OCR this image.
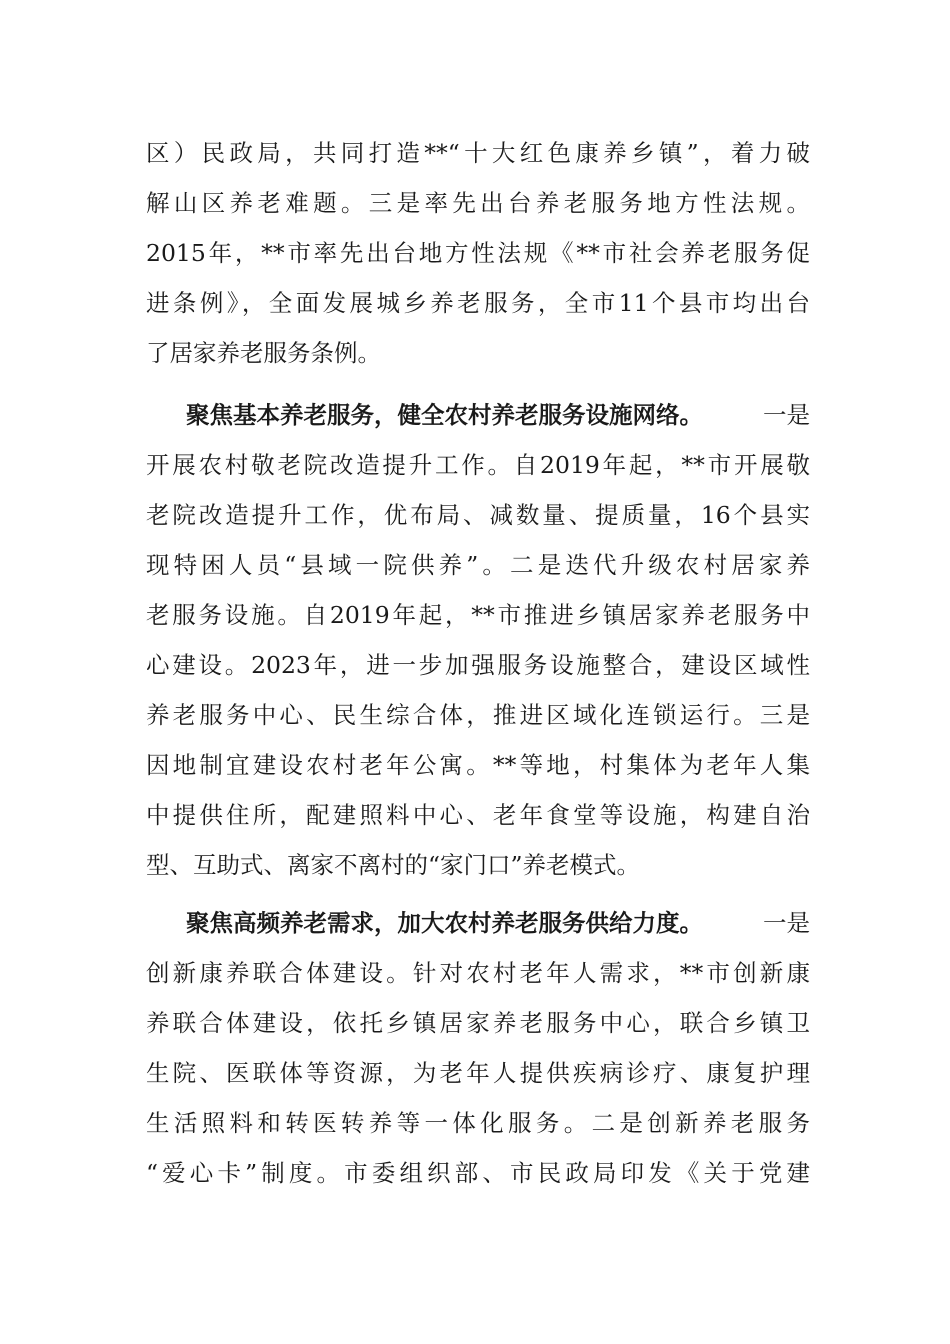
区）民政局，共同打造**“十大红色康养乡镇”，着力破
解山区养老难题。三是率先出台养老服务地方性法规。
2015年，**市率先出台地方性法规《**市社会养老服务促
进条例》，全面发展城乡养老服务，全市11个县市均出台
了居家养老服务条例。
聚焦基本养老服务，健全农村养老服务设施网络。	一是
开展农村敬老院改造提升工作。自2019年起，**市开展敬
老院改造提升工作，优布局、减数量、提质量，16个县实
现特困人员“县域一院供养”。二是迭代升级农村居家养
老服务设施。自2019年起，**市推进乡镇居家养老服务中
心建设。2023年，进一步加强服务设施整合，建设区域性
养老服务中心、民生综合体，推进区域化连锁运行。三是
因地制宜建设农村老年公寓。**等地，村集体为老年人集
中提供住所，配建照料中心、老年食堂等设施，构建自治
型、互助式、离家不离村的“家门口”养老模式。
聚焦高频养老需求，加大农村养老服务供给力度。	一是
创新康养联合体建设。针对农村老年人需求，**市创新康
养联合体建设，依托乡镇居家养老服务中心，联合乡镇卫
生院、医联体等资源，为老年人提供疾病诊疗、康复护理
生活照料和转医转养等一体化服务。二是创新养老服务
“爱心卡”制度。市委组织部、市民政局印发《关于党建
